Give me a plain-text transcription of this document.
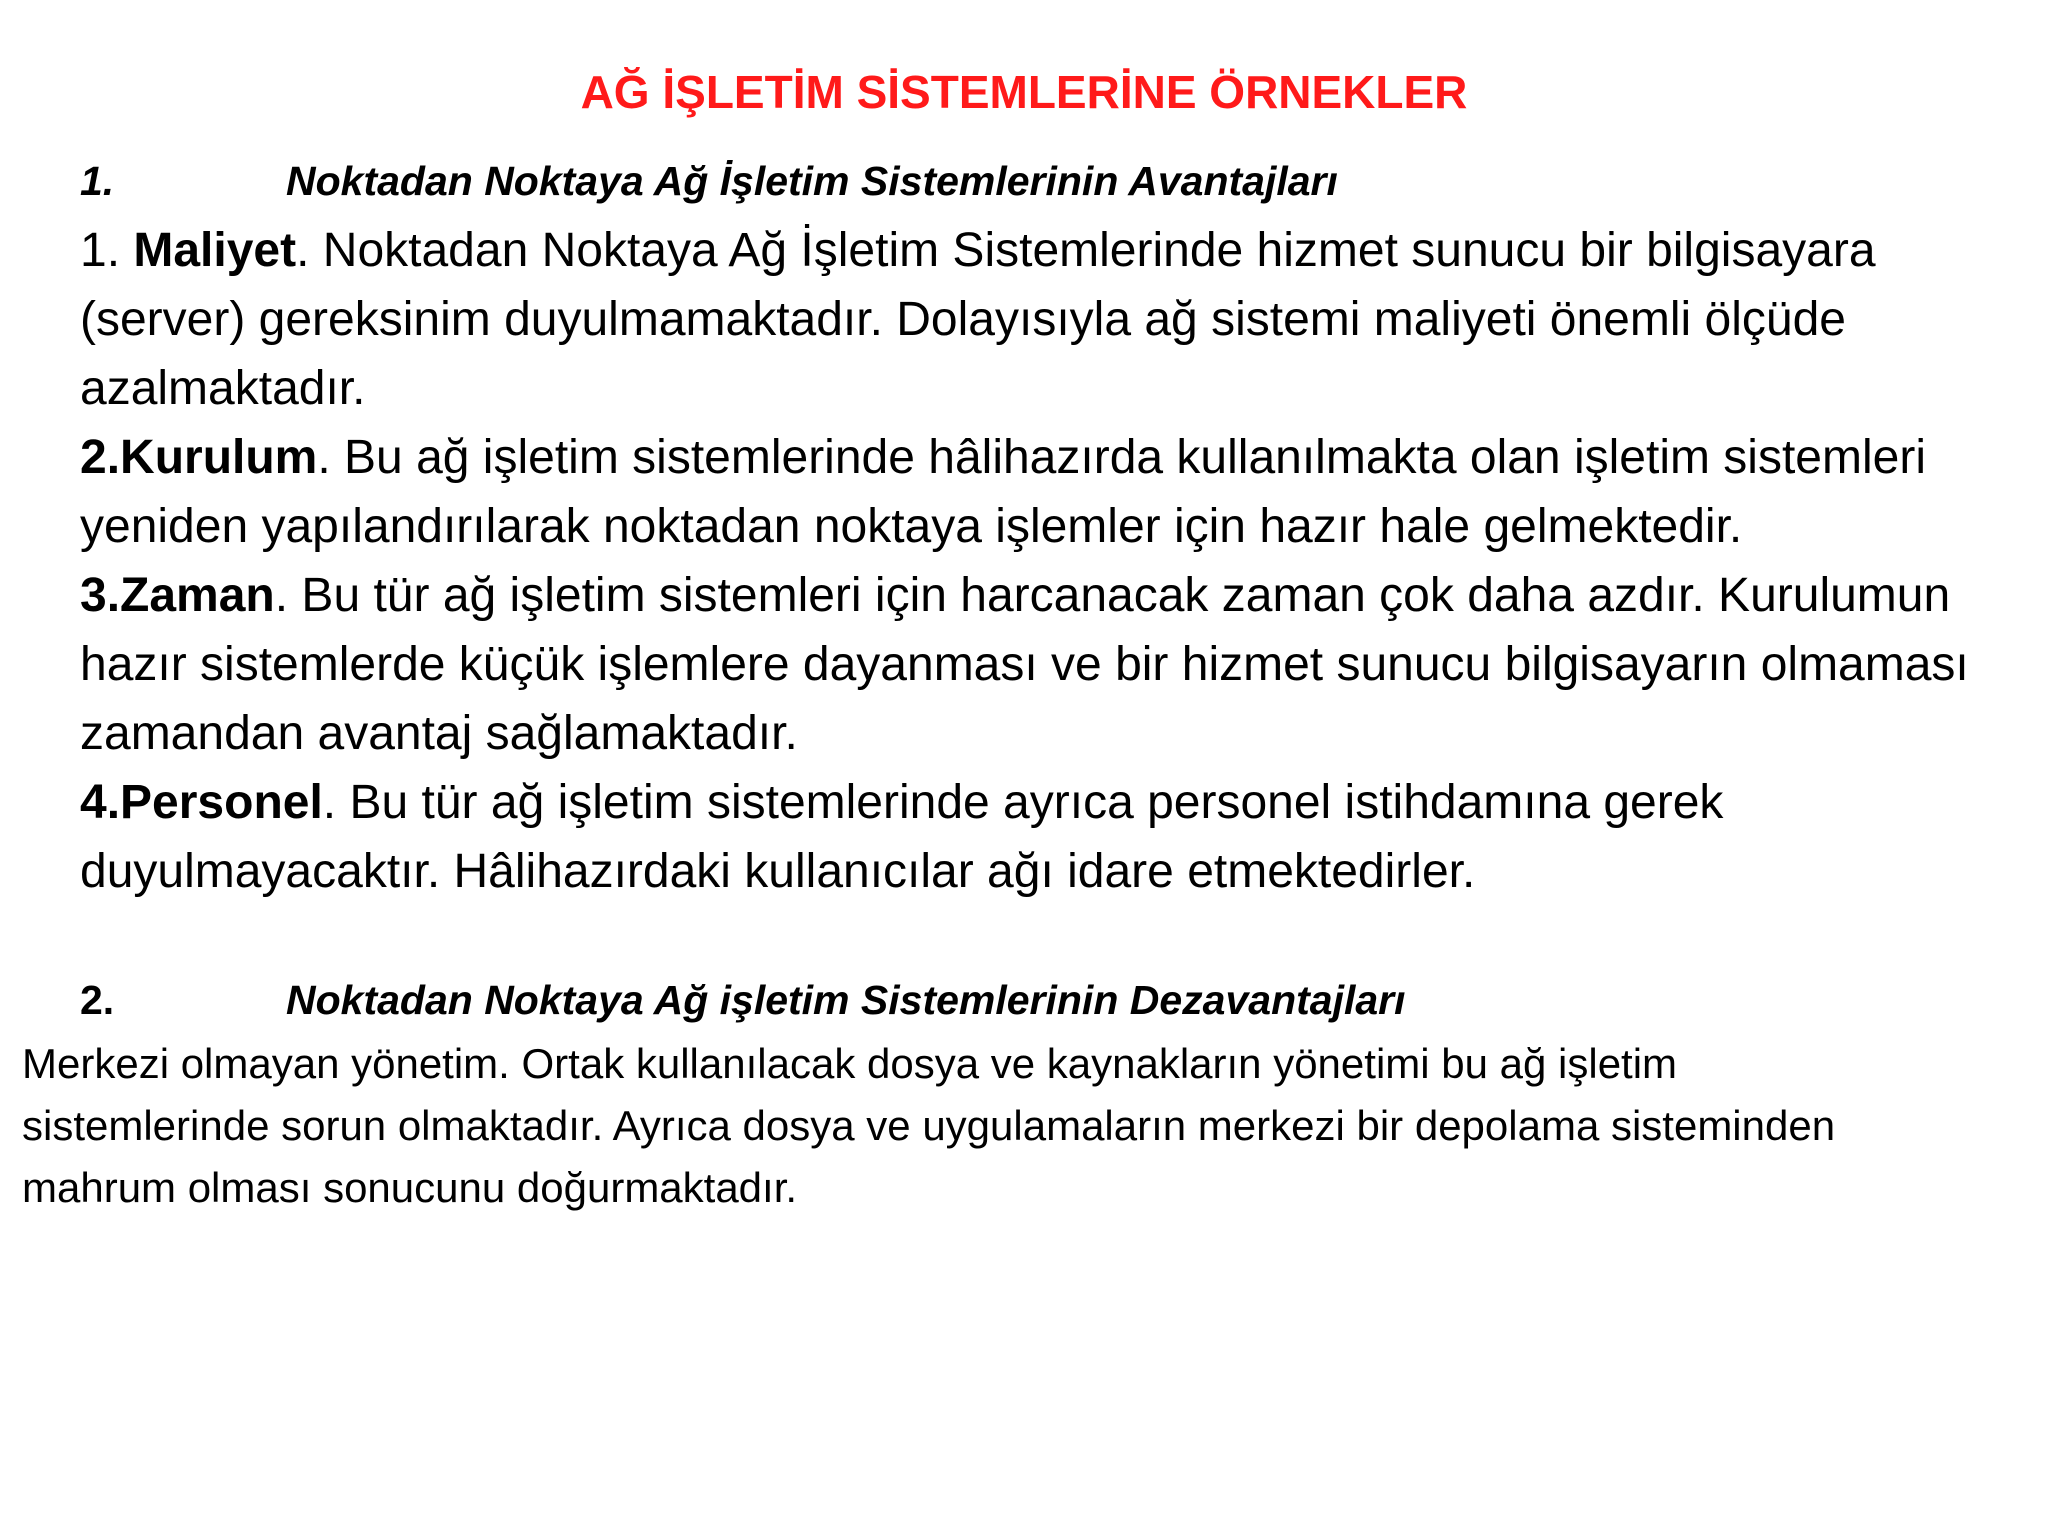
AĞ İŞLETİM SİSTEMLERİNE ÖRNEKLER
1.	Noktadan Noktaya Ağ İşletim Sistemlerinin Avantajları

1. Maliyet. Noktadan Noktaya Ağ İşletim Sistemlerinde hizmet sunucu bir bilgisayara (server) gereksinim duyulmamaktadır. Dolayısıyla ağ sistemi maliyeti önemli ölçüde azalmaktadır.

2.Kurulum. Bu ağ işletim sistemlerinde hâlihazırda kullanılmakta olan işletim sistemleri yeniden yapılandırılarak noktadan noktaya işlemler için hazır hale gelmektedir.

3.Zaman. Bu tür ağ işletim sistemleri için harcanacak zaman çok daha azdır. Kurulumun hazır sistemlerde küçük işlemlere dayanması ve bir hizmet sunucu bilgisayarın olmaması zamandan avantaj sağlamaktadır.

4.Personel. Bu tür ağ işletim sistemlerinde ayrıca personel istihdamına gerek duyulmayacaktır. Hâlihazırdaki kullanıcılar ağı idare etmektedirler.

2.	Noktadan Noktaya Ağ işletim Sistemlerinin Dezavantajları

Merkezi olmayan yönetim. Ortak kullanılacak dosya ve kaynakların yönetimi bu ağ işletim sistemlerinde sorun olmaktadır. Ayrıca dosya ve uygulamaların merkezi bir depolama sisteminden mahrum olması sonucunu doğurmaktadır.
